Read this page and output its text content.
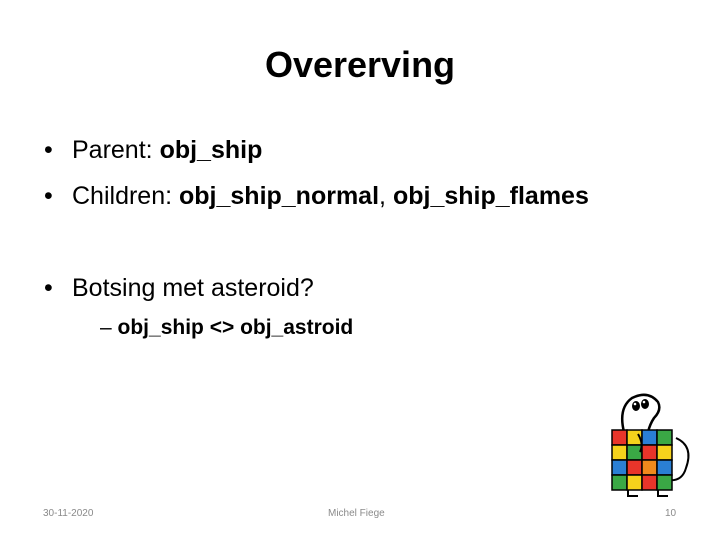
Overerving
• Parent: obj_ship
• Children: obj_ship_normal, obj_ship_flames
• Botsing met asteroid?
– obj_ship <> obj_astroid
30-11-2020	Michel Fiege	10
